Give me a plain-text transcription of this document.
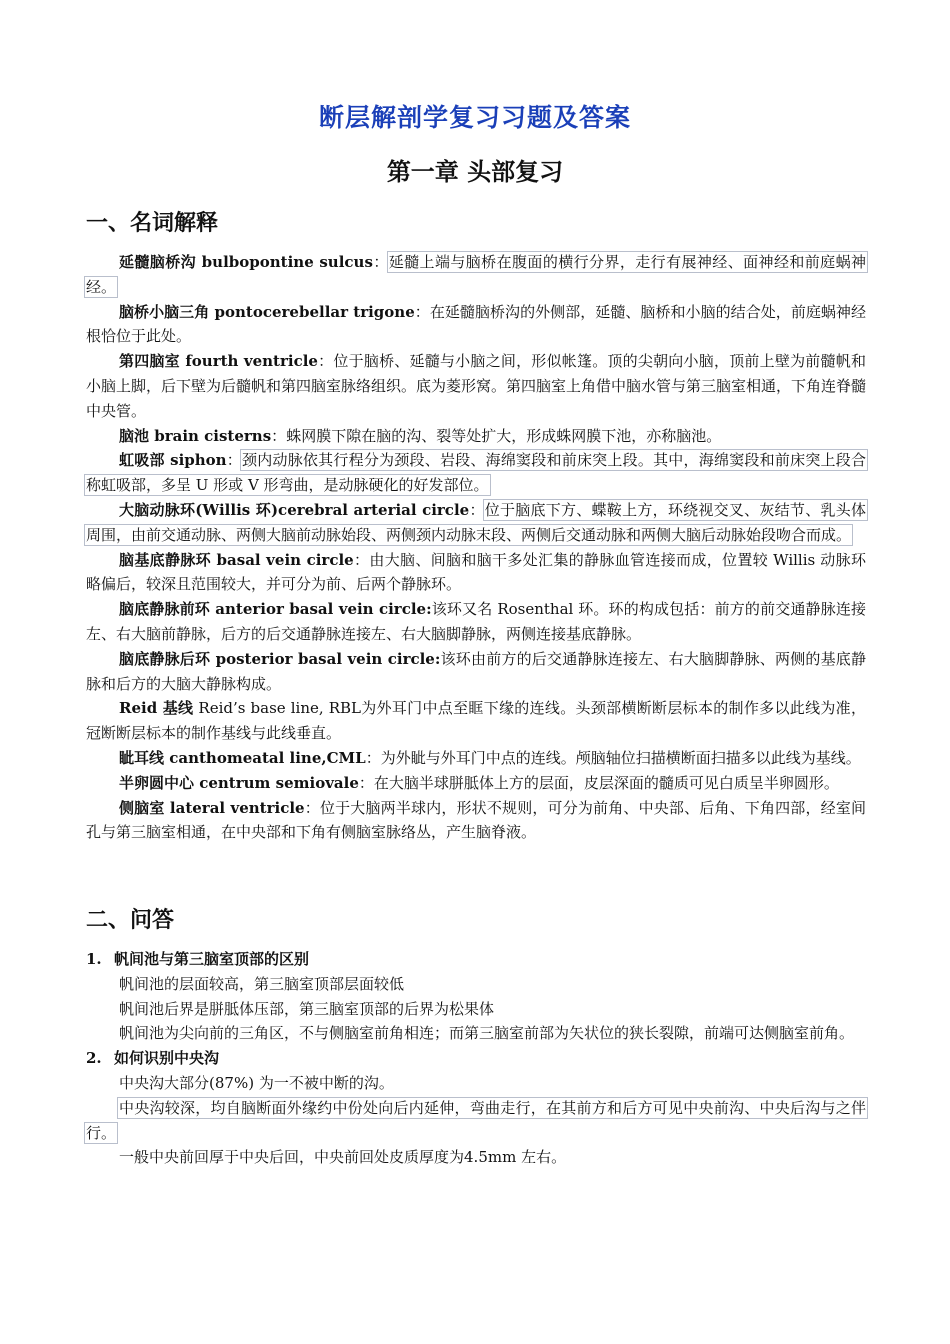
断层解剖学复习习题及答案
第一章 头部复习
一、名词解释

延髓脑桥沟 bulbopontine sulcus：延髓上端与脑桥在腹面的横行分界，走行有展神经、面神经和前庭蜗神经。

脑桥小脑三角 pontocerebellar trigone：在延髓脑桥沟的外侧部，延髓、脑桥和小脑的结合处，前庭蜗神经根恰位于此处。

第四脑室 fourth ventricle：位于脑桥、延髓与小脑之间，形似帐篷。顶的尖朝向小脑，顶前上壁为前髓帆和小脑上脚，后下壁为后髓帆和第四脑室脉络组织。底为菱形窝。第四脑室上角借中脑水管与第三脑室相通，下角连脊髓中央管。

脑池 brain cisterns：蛛网膜下隙在脑的沟、裂等处扩大，形成蛛网膜下池，亦称脑池。

虹吸部 siphon：颈内动脉依其行程分为颈段、岩段、海绵窦段和前床突上段。其中，海绵窦段和前床突上段合称虹吸部，多呈 U 形或 V 形弯曲，是动脉硬化的好发部位。

大脑动脉环(Willis 环)cerebral arterial circle：位于脑底下方、蝶鞍上方，环绕视交叉、灰结节、乳头体周围，由前交通动脉、两侧大脑前动脉始段、两侧颈内动脉末段、两侧后交通动脉和两侧大脑后动脉始段吻合而成。

脑基底静脉环 basal vein circle：由大脑、间脑和脑干多处汇集的静脉血管连接而成，位置较 Willis 动脉环略偏后，较深且范围较大，并可分为前、后两个静脉环。

脑底静脉前环 anterior basal vein circle:该环又名 Rosenthal 环。环的构成包括：前方的前交通静脉连接左、右大脑前静脉，后方的后交通静脉连接左、右大脑脚静脉，两侧连接基底静脉。

脑底静脉后环 posterior basal vein circle:该环由前方的后交通静脉连接左、右大脑脚静脉、两侧的基底静脉和后方的大脑大静脉构成。

Reid 基线 Reid’s base line, RBL为外耳门中点至眶下缘的连线。头颈部横断断层标本的制作多以此线为准，冠断断层标本的制作基线与此线垂直。

眦耳线 canthomeatal line,CML：为外眦与外耳门中点的连线。颅脑轴位扫描横断面扫描多以此线为基线。

半卵圆中心 centrum semiovale：在大脑半球胼胝体上方的层面，皮层深面的髓质可见白质呈半卵圆形。

侧脑室 lateral ventricle：位于大脑两半球内，形状不规则，可分为前角、中央部、后角、下角四部，经室间孔与第三脑室相通，在中央部和下角有侧脑室脉络丛，产生脑脊液。

二、问答

1. 帆间池与第三脑室顶部的区别

帆间池的层面较高，第三脑室顶部层面较低

帆间池后界是胼胝体压部，第三脑室顶部的后界为松果体

帆间池为尖向前的三角区，不与侧脑室前角相连；而第三脑室前部为矢状位的狭长裂隙，前端可达侧脑室前角。

2. 如何识别中央沟

中央沟大部分(87%) 为一不被中断的沟。

中央沟较深，均自脑断面外缘约中份处向后内延伸，弯曲走行，在其前方和后方可见中央前沟、中央后沟与之伴行。

一般中央前回厚于中央后回，中央前回处皮质厚度为4.5mm 左右。
